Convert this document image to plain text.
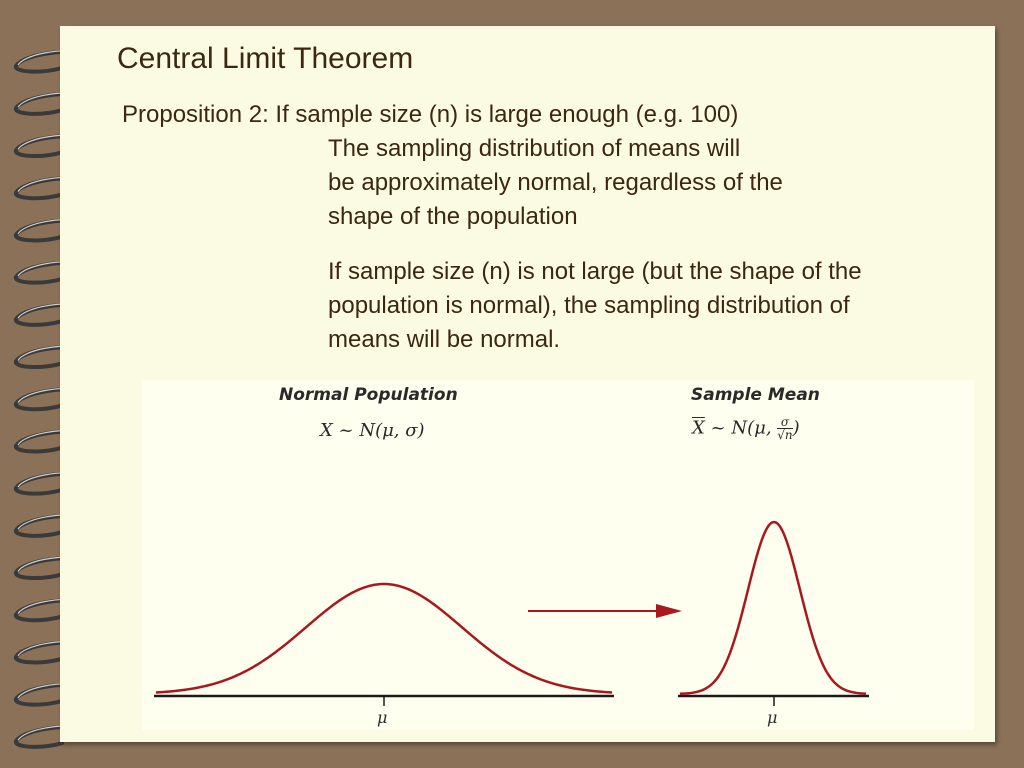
Central Limit Theorem
Proposition 2: If sample size (n) is large enough (e.g. 100)
The sampling distribution of means will
be approximately normal, regardless of the
shape of the population
If sample size (n) is not large (but the shape of the
population is normal), the sampling distribution of
means will be normal.
Normal Population
X ~ N(μ, σ)
μ
Sample Mean
$\overline{X}$ ~ N(μ, $\frac{\sigma}{√n}$ )
μ
